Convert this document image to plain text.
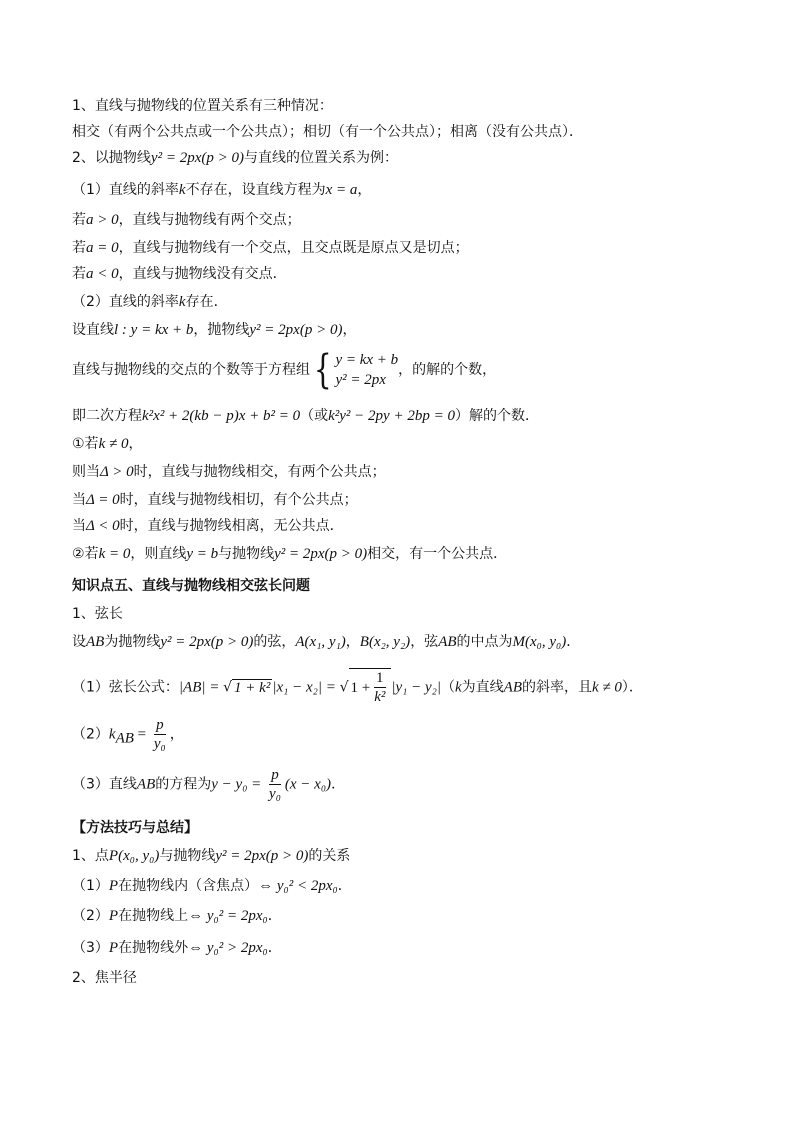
1、直线与抛物线的位置关系有三种情况：
相交（有两个公共点或一个公共点）；相切（有一个公共点）；相离（没有公共点）．
2、以抛物线y² = 2px(p > 0)与直线的位置关系为例：
（1）直线的斜率k不存在，设直线方程为x = a，
若a > 0，直线与抛物线有两个交点；
若a = 0，直线与抛物线有一个交点，且交点既是原点又是切点；
若a < 0，直线与抛物线没有交点．
（2）直线的斜率k存在．
设直线l : y = kx + b，抛物线y² = 2px(p > 0)，
直线与抛物线的交点的个数等于方程组 { y = kx + b
y² = 2px
，的解的个数，
即二次方程k²x² + 2(kb − p)x + b² = 0（或k²y² − 2py + 2bp = 0）解的个数．
①若k ≠ 0，
则当Δ > 0时，直线与抛物线相交，有两个公共点；
当Δ = 0时，直线与抛物线相切，有个公共点；
当Δ < 0时，直线与抛物线相离，无公共点．
②若k = 0，则直线y = b与抛物线y² = 2px(p > 0)相交，有一个公共点．
知识点五、直线与抛物线相交弦长问题
1、弦长
设AB为抛物线y² = 2px(p > 0)的弦，A(x₁, y₁)，B(x₂, y₂)，弦AB的中点为M(x₀, y₀)．
（1）弦长公式：|AB| = √ 1 + k² |x₁ − x₂| = √ $1 + \frac{1}{\text{k²}} |y_1 - y_2|(k$为直线AB的斜率，且k ≠ 0）．
$(2)k_{AB} = \frac{p}{\text{y₀}}$ ，
（3）直线AB的方程为$y - y_0 = \frac{p}{\text{y₀}} (x - x_0)$．
【方法技巧与总结】
1、点P(x₀, y₀)与抛物线y² = 2px(p > 0)的关系
（1）P在抛物线内（含焦点）⇔ y₀² < 2px₀．
（2）P在抛物线上⇔ y₀² = 2px₀．
（3）P在抛物线外⇔ y₀² > 2px₀．
2、焦半径
